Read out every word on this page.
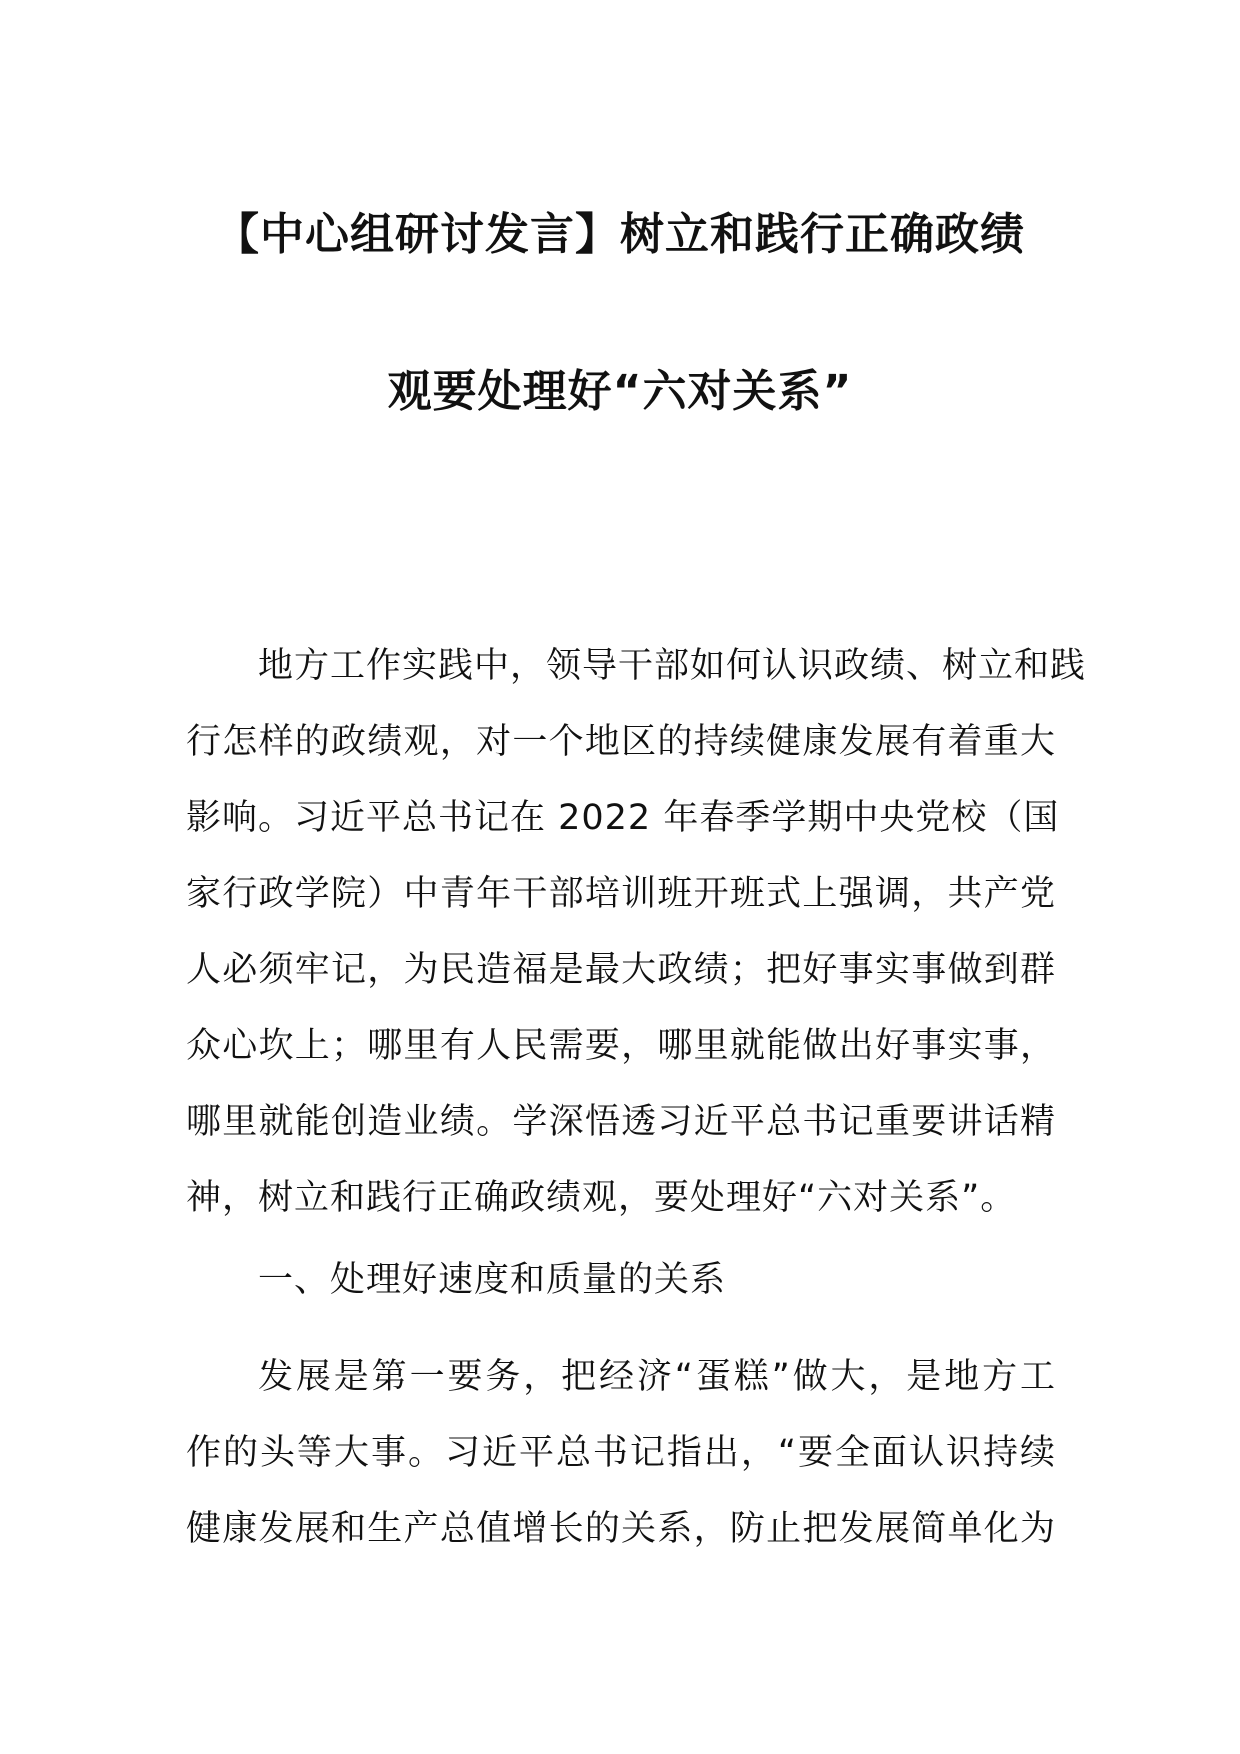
【中心组研讨发言】树立和践行正确政绩
观要处理好“六对关系”
地方工作实践中，领导干部如何认识政绩、树立和践
行怎样的政绩观，对一个地区的持续健康发展有着重大
影响。习近平总书记在 2022 年春季学期中央党校（国
家行政学院）中青年干部培训班开班式上强调，共产党
人必须牢记，为民造福是最大政绩；把好事实事做到群
众心坎上；哪里有人民需要，哪里就能做出好事实事，
哪里就能创造业绩。学深悟透习近平总书记重要讲话精
神，树立和践行正确政绩观，要处理好“六对关系”。
一、处理好速度和质量的关系
发展是第一要务，把经济“蛋糕”做大，是地方工
作的头等大事。习近平总书记指出，“要全面认识持续
健康发展和生产总值增长的关系，防止把发展简单化为
